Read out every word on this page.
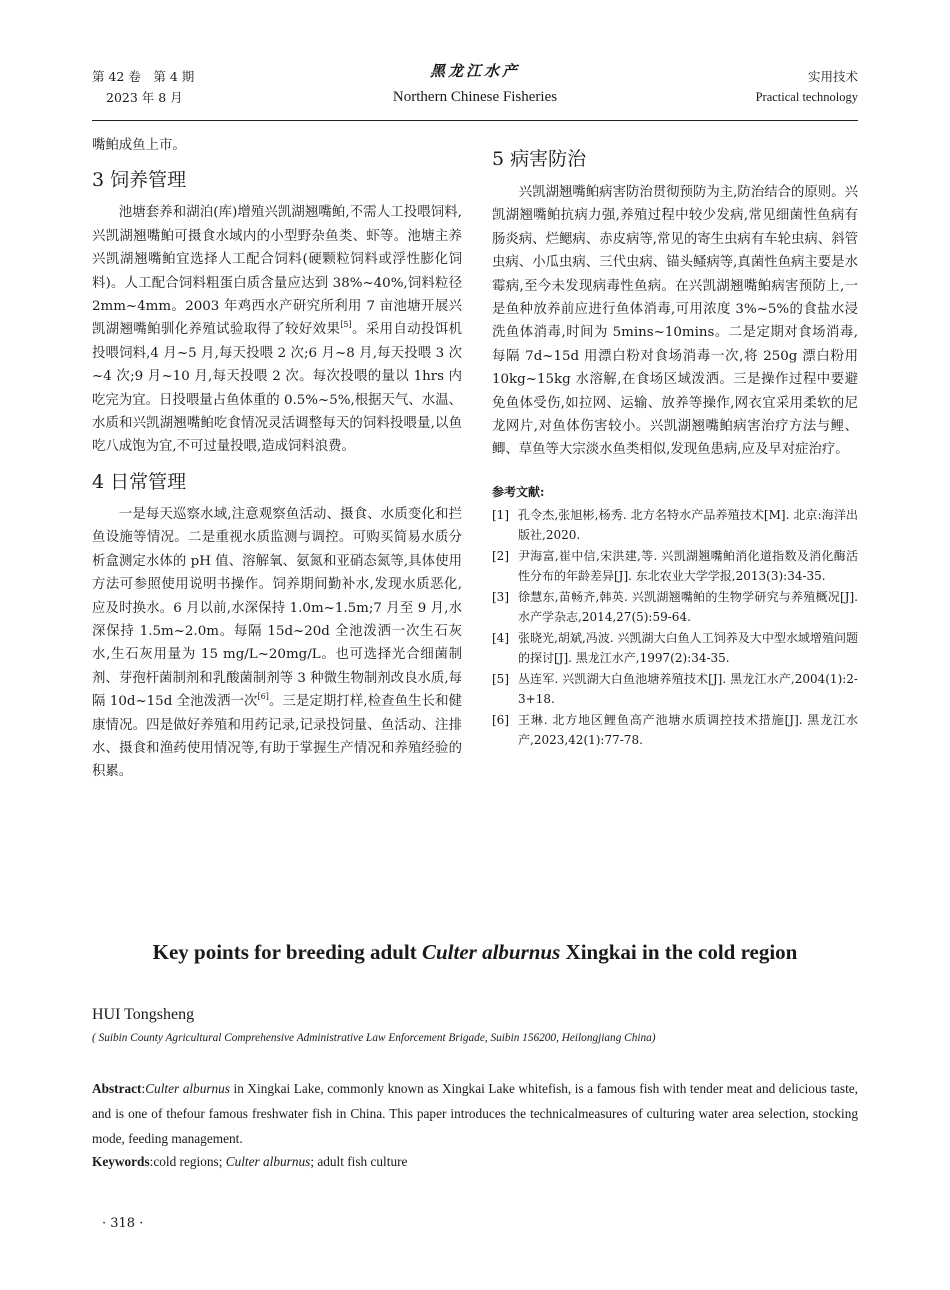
第 42 卷　第 4 期
2023 年 8 月
黑龙江水产
Northern Chinese Fisheries
实用技术
Practical technology

嘴鲌成鱼上市。

3 饲养管理

池塘套养和湖泊(库)增殖兴凯湖翘嘴鲌,不需人工投喂饲料,兴凯湖翘嘴鲌可摄食水域内的小型野杂鱼类、虾等。池塘主养兴凯湖翘嘴鲌宜选择人工配合饲料(硬颗粒饲料或浮性膨化饲料)。人工配合饲料粗蛋白质含量应达到 38%~40%,饲料粒径 2mm~4mm。2003 年鸡西水产研究所利用 7 亩池塘开展兴凯湖翘嘴鲌驯化养殖试验取得了较好效果[5]。采用自动投饵机投喂饲料,4 月~5 月,每天投喂 2 次;6 月~8 月,每天投喂 3 次~4 次;9 月~10 月,每天投喂 2 次。每次投喂的量以 1hrs 内吃完为宜。日投喂量占鱼体重的 0.5%~5%,根据天气、水温、水质和兴凯湖翘嘴鲌吃食情况灵活调整每天的饲料投喂量,以鱼吃八成饱为宜,不可过量投喂,造成饲料浪费。

4 日常管理

一是每天巡察水域,注意观察鱼活动、摄食、水质变化和拦鱼设施等情况。二是重视水质监测与调控。可购买简易水质分析盒测定水体的 pH 值、溶解氧、氨氮和亚硝态氮等,具体使用方法可参照使用说明书操作。饲养期间勤补水,发现水质恶化,应及时换水。6 月以前,水深保持 1.0m~1.5m;7 月至 9 月,水深保持 1.5m~2.0m。每隔 15d~20d 全池泼洒一次生石灰水,生石灰用量为 15 mg/L~20mg/L。也可选择光合细菌制剂、芽孢杆菌制剂和乳酸菌制剂等 3 种微生物制剂改良水质,每隔 10d~15d 全池泼洒一次[6]。三是定期打样,检查鱼生长和健康情况。四是做好养殖和用药记录,记录投饲量、鱼活动、注排水、摄食和渔药使用情况等,有助于掌握生产情况和养殖经验的积累。

5 病害防治

兴凯湖翘嘴鲌病害防治贯彻预防为主,防治结合的原则。兴凯湖翘嘴鲌抗病力强,养殖过程中较少发病,常见细菌性鱼病有肠炎病、烂鳃病、赤皮病等,常见的寄生虫病有车轮虫病、斜管虫病、小瓜虫病、三代虫病、锚头鳋病等,真菌性鱼病主要是水霉病,至今未发现病毒性鱼病。在兴凯湖翘嘴鲌病害预防上,一是鱼种放养前应进行鱼体消毒,可用浓度 3%~5%的食盐水浸洗鱼体消毒,时间为 5mins~10mins。二是定期对食场消毒,每隔 7d~15d 用漂白粉对食场消毒一次,将 250g 漂白粉用 10kg~15kg 水溶解,在食场区域泼洒。三是操作过程中要避免鱼体受伤,如拉网、运输、放养等操作,网衣宜采用柔软的尼龙网片,对鱼体伤害较小。兴凯湖翘嘴鲌病害治疗方法与鲤、鲫、草鱼等大宗淡水鱼类相似,发现鱼患病,应及早对症治疗。

参考文献:
[1] 孔令杰,张旭彬,杨秀. 北方名特水产品养殖技术[M]. 北京:海洋出版社,2020.
[2] 尹海富,崔中信,宋洪建,等. 兴凯湖翘嘴鲌消化道指数及消化酶活性分布的年龄差异[J]. 东北农业大学学报,2013(3):34-35.
[3] 徐慧东,苗畅齐,韩英. 兴凯湖翘嘴鲌的生物学研究与养殖概况[J]. 水产学杂志,2014,27(5):59-64.
[4] 张晓光,胡斌,冯波. 兴凯湖大白鱼人工饲养及大中型水域增殖问题的探讨[J]. 黑龙江水产,1997(2):34-35.
[5] 丛连军. 兴凯湖大白鱼池塘养殖技术[J]. 黑龙江水产,2004(1):2-3+18.
[6] 王琳. 北方地区鲤鱼高产池塘水质调控技术措施[J]. 黑龙江水产,2023,42(1):77-78.
Key points for breeding adult Culter alburnus Xingkai in the cold region
HUI Tongsheng
( Suibin County Agricultural Comprehensive Administrative Law Enforcement Brigade, Suibin 156200, Heilongjiang China)
Abstract:Culter alburnus in Xingkai Lake, commonly known as Xingkai Lake whitefish, is a famous fish with tender meat and delicious taste, and is one of thefour famous freshwater fish in China. This paper introduces the technicalmeasures of culturing water area selection, stocking mode, feeding management.
Keywords:cold regions; Culter alburnus; adult fish culture
· 318 ·
